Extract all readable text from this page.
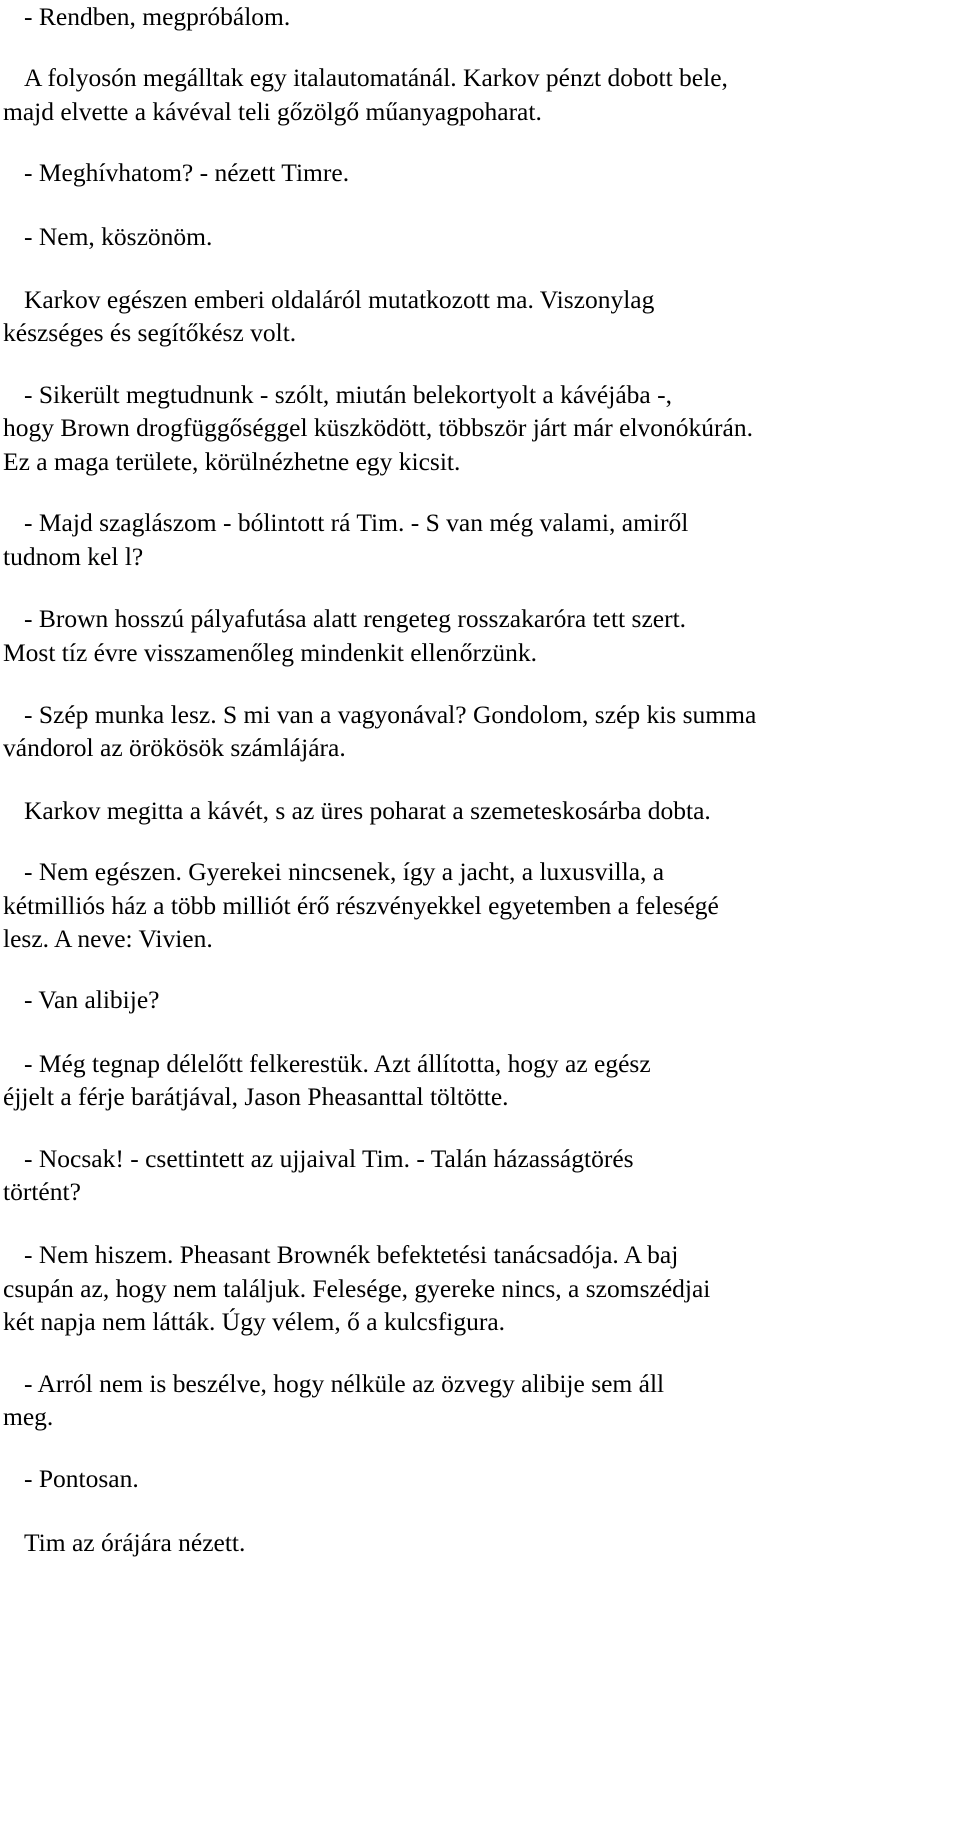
- Rendben, megpróbálom.
A folyosón megálltak egy italautomatánál. Karkov pénzt dobott bele,
majd elvette a kávéval teli gőzölgő műanyagpoharat.
- Meghívhatom? - nézett Timre.
- Nem, köszönöm.
Karkov egészen emberi oldaláról mutatkozott ma. Viszonylag
készséges és segítőkész volt.
- Sikerült megtudnunk - szólt, miután belekortyolt a kávéjába -,
hogy Brown drogfüggőséggel küszködött, többször járt már elvonókúrán.
Ez a maga területe, körülnézhetne egy kicsit.
- Majd szaglászom - bólintott rá Tim. - S van még valami, amiről
tudnom kel l?
- Brown hosszú pályafutása alatt rengeteg rosszakaróra tett szert.
Most tíz évre visszamenőleg mindenkit ellenőrzünk.
- Szép munka lesz. S mi van a vagyonával? Gondolom, szép kis summa
vándorol az örökösök számlájára.
Karkov megitta a kávét, s az üres poharat a szemeteskosárba dobta.
- Nem egészen. Gyerekei nincsenek, így a jacht, a luxusvilla, a
kétmilliós ház a több milliót érő részvényekkel egyetemben a feleségé
lesz. A neve: Vivien.
- Van alibije?
- Még tegnap délelőtt felkerestük. Azt állította, hogy az egész
éjjelt a férje barátjával, Jason Pheasanttal töltötte.
- Nocsak! - csettintett az ujjaival Tim. - Talán házasságtörés
történt?
- Nem hiszem. Pheasant Brownék befektetési tanácsadója. A baj
csupán az, hogy nem találjuk. Felesége, gyereke nincs, a szomszédjai
két napja nem látták. Úgy vélem, ő a kulcsfigura.
- Arról nem is beszélve, hogy nélküle az özvegy alibije sem áll
meg.
- Pontosan.
Tim az órájára nézett.
